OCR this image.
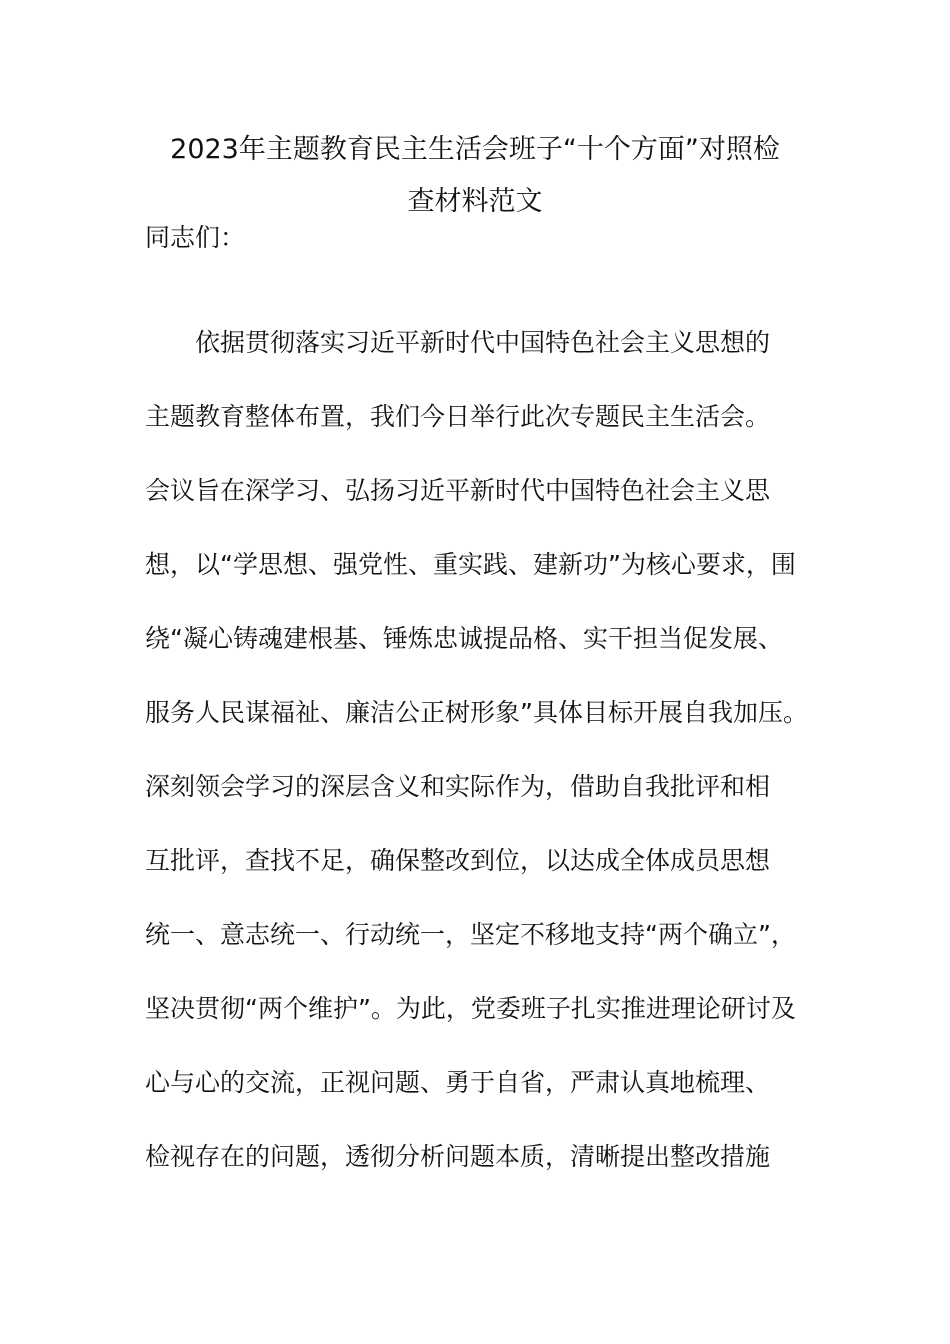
2023年主题教育民主生活会班子“十个方面”对照检
查材料范文
同志们：
依据贯彻落实习近平新时代中国特色社会主义思想的
主题教育整体布置，我们今日举行此次专题民主生活会。
会议旨在深学习、弘扬习近平新时代中国特色社会主义思
想，以“学思想、强党性、重实践、建新功”为核心要求，围
绕“凝心铸魂建根基、锤炼忠诚提品格、实干担当促发展、
服务人民谋福祉、廉洁公正树形象”具体目标开展自我加压。
深刻领会学习的深层含义和实际作为，借助自我批评和相
互批评，查找不足，确保整改到位，以达成全体成员思想
统一、意志统一、行动统一，坚定不移地支持“两个确立”，
坚决贯彻“两个维护”。为此，党委班子扎实推进理论研讨及
心与心的交流，正视问题、勇于自省，严肃认真地梳理、
检视存在的问题，透彻分析问题本质，清晰提出整改措施
